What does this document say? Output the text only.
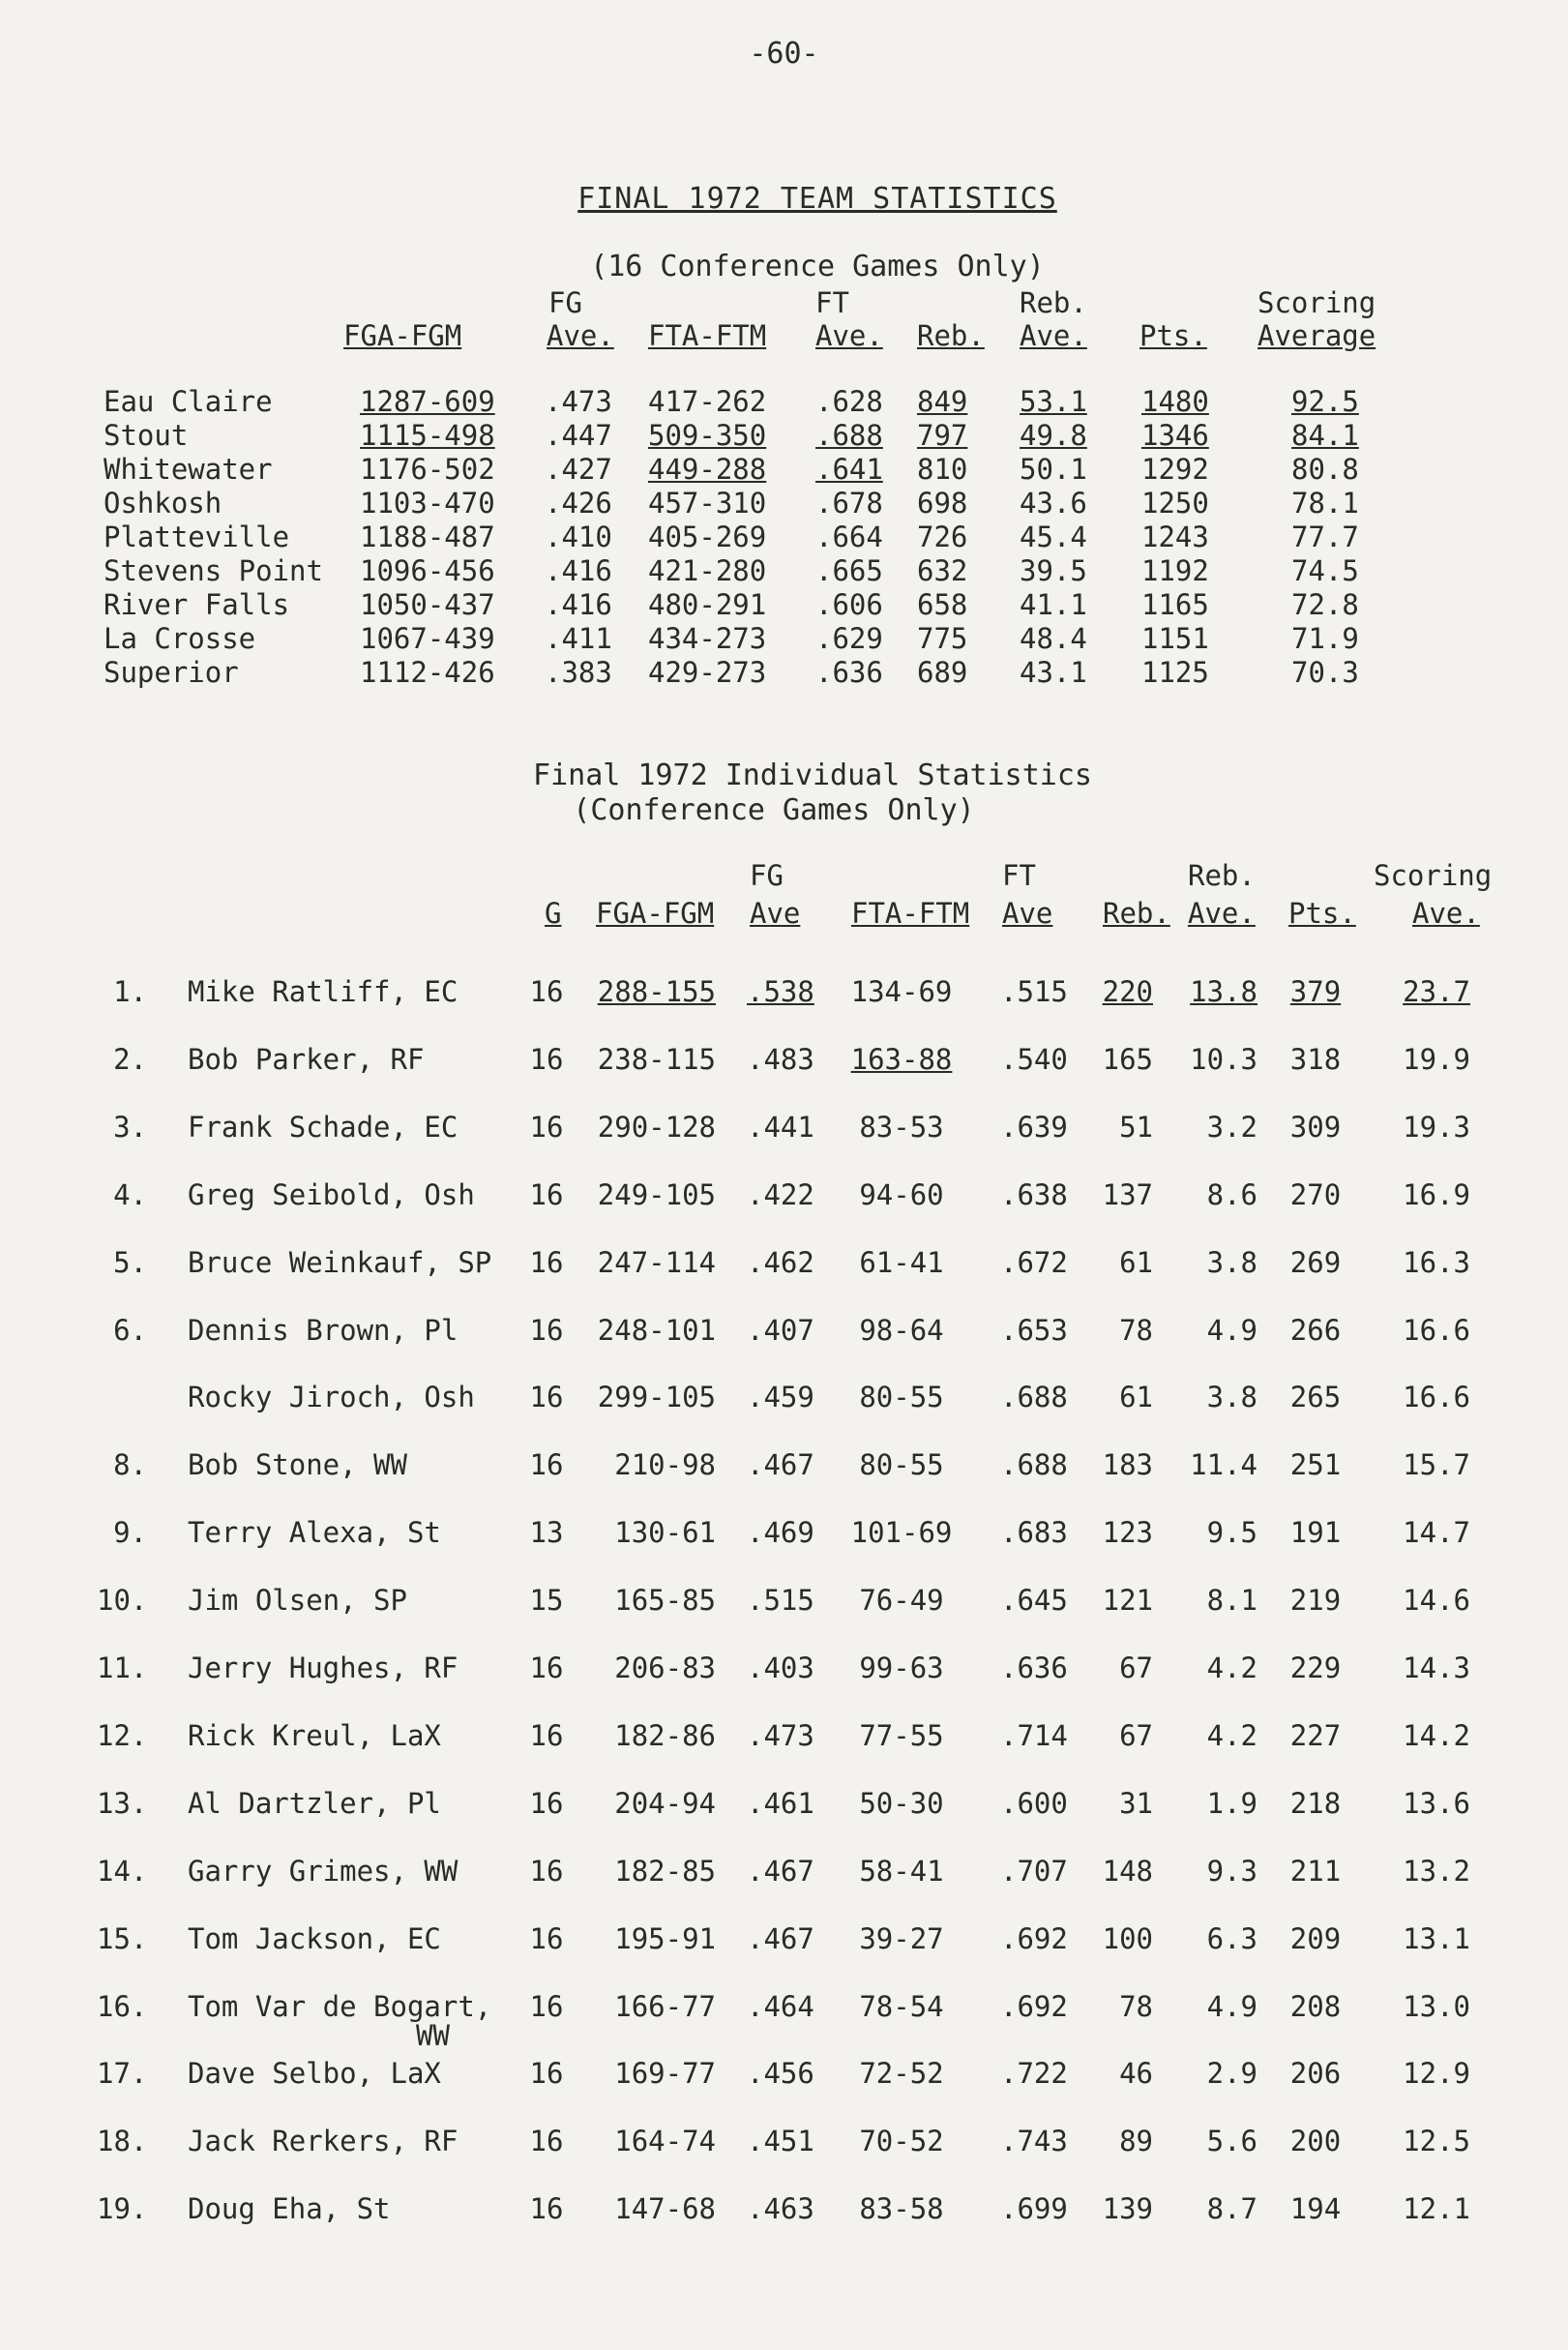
-60-
FINAL 1972 TEAM STATISTICS
(16 Conference Games Only)
FG	FT	Reb.	Scoring
FGA-FGM	Ave. FTA-FTM Ave. Reb. Ave. Pts. Average
Eau Claire	1287-609 .473 417-262 .628 849 53.1 1480	92.5
Stout	1115-498 .447 509-350 .688 797 49.8 1346	84.1
Whitewater	1176-502 .427 449-288 .641 810 50.1 1292	80.8
Oshkosh	1103-470 .426 457-310 .678 698 43.6 1250	78.1
Platteville	1188-487 .410 405-269 .664 726 45.4 1243	77.7
Stevens Point 1096-456 .416 421-280 .665 632 39.5 1192	74.5
River Falls	1050-437 .416 480-291 .606 658 41.1 1165	72.8
La Crosse	1067-439 .411 434-273 .629 775 48.4 1151	71.9
Superior	1112-426 .383 429-273 .636 689 43.1 1125	70.3
Final 1972 Individual Statistics
(Conference Games Only)
FG	FT	Reb.	Scoring
G FGA-FGM Ave FTA-FTM Ave Reb. Ave. Pts. Ave.
1. Mike Ratliff, EC	16 288-155 .538 134-69 .515	220 13.8 379	23.7
2. Bob Parker, RF	16 238-115 .483 163-88 .540	165 10.3 318	19.9
3. Frank Schade, EC	16 290-128 .441	83-53	.639	51	3.2 309	19.3
4. Greg Seibold, Osh 16 249-105 .422	94-60	.638	137	8.6 270	16.9
5. Bruce Weinkauf, SP 16 247-114 .462	61-41	.672	61	3.8 269	16.3
6. Dennis Brown, Pl	16 248-101 .407	98-64	.653	78	4.9 266	16.6
Rocky Jiroch, Osh 16 299-105 .459	80-55	.688	61	3.8 265	16.6
8. Bob Stone, WW	16	210-98 .467	80-55	.688	183 11.4 251	15.7
9. Terry Alexa, St	13	130-61 .469 101-69 .683	123	9.5 191	14.7
10. Jim Olsen, SP	15	165-85 .515	76-49	.645	121	8.1 219	14.6
11. Jerry Hughes, RF	16	206-83 .403	99-63	.636	67	4.2 229	14.3
12. Rick Kreul, LaX	16	182-86 .473	77-55	.714	67	4.2 227	14.2
13. Al Dartzler, Pl	16	204-94 .461	50-30	.600	31	1.9 218	13.6
14. Garry Grimes, WW	16	182-85 .467	58-41	.707	148	9.3 211	13.2
15. Tom Jackson, EC	16	195-91 .467	39-27	.692	100	6.3 209	13.1
16. Tom Var de Bogart,
WW
16	166-77 .464	78-54	.692	78	4.9 208	13.0
17. Dave Selbo, LaX	16	169-77 .456	72-52	.722	46	2.9 206	12.9
18. Jack Rerkers, RF	16	164-74 .451	70-52	.743	89	5.6 200	12.5
19. Doug Eha, St	16	147-68 .463	83-58	.699	139	8.7 194	12.1
